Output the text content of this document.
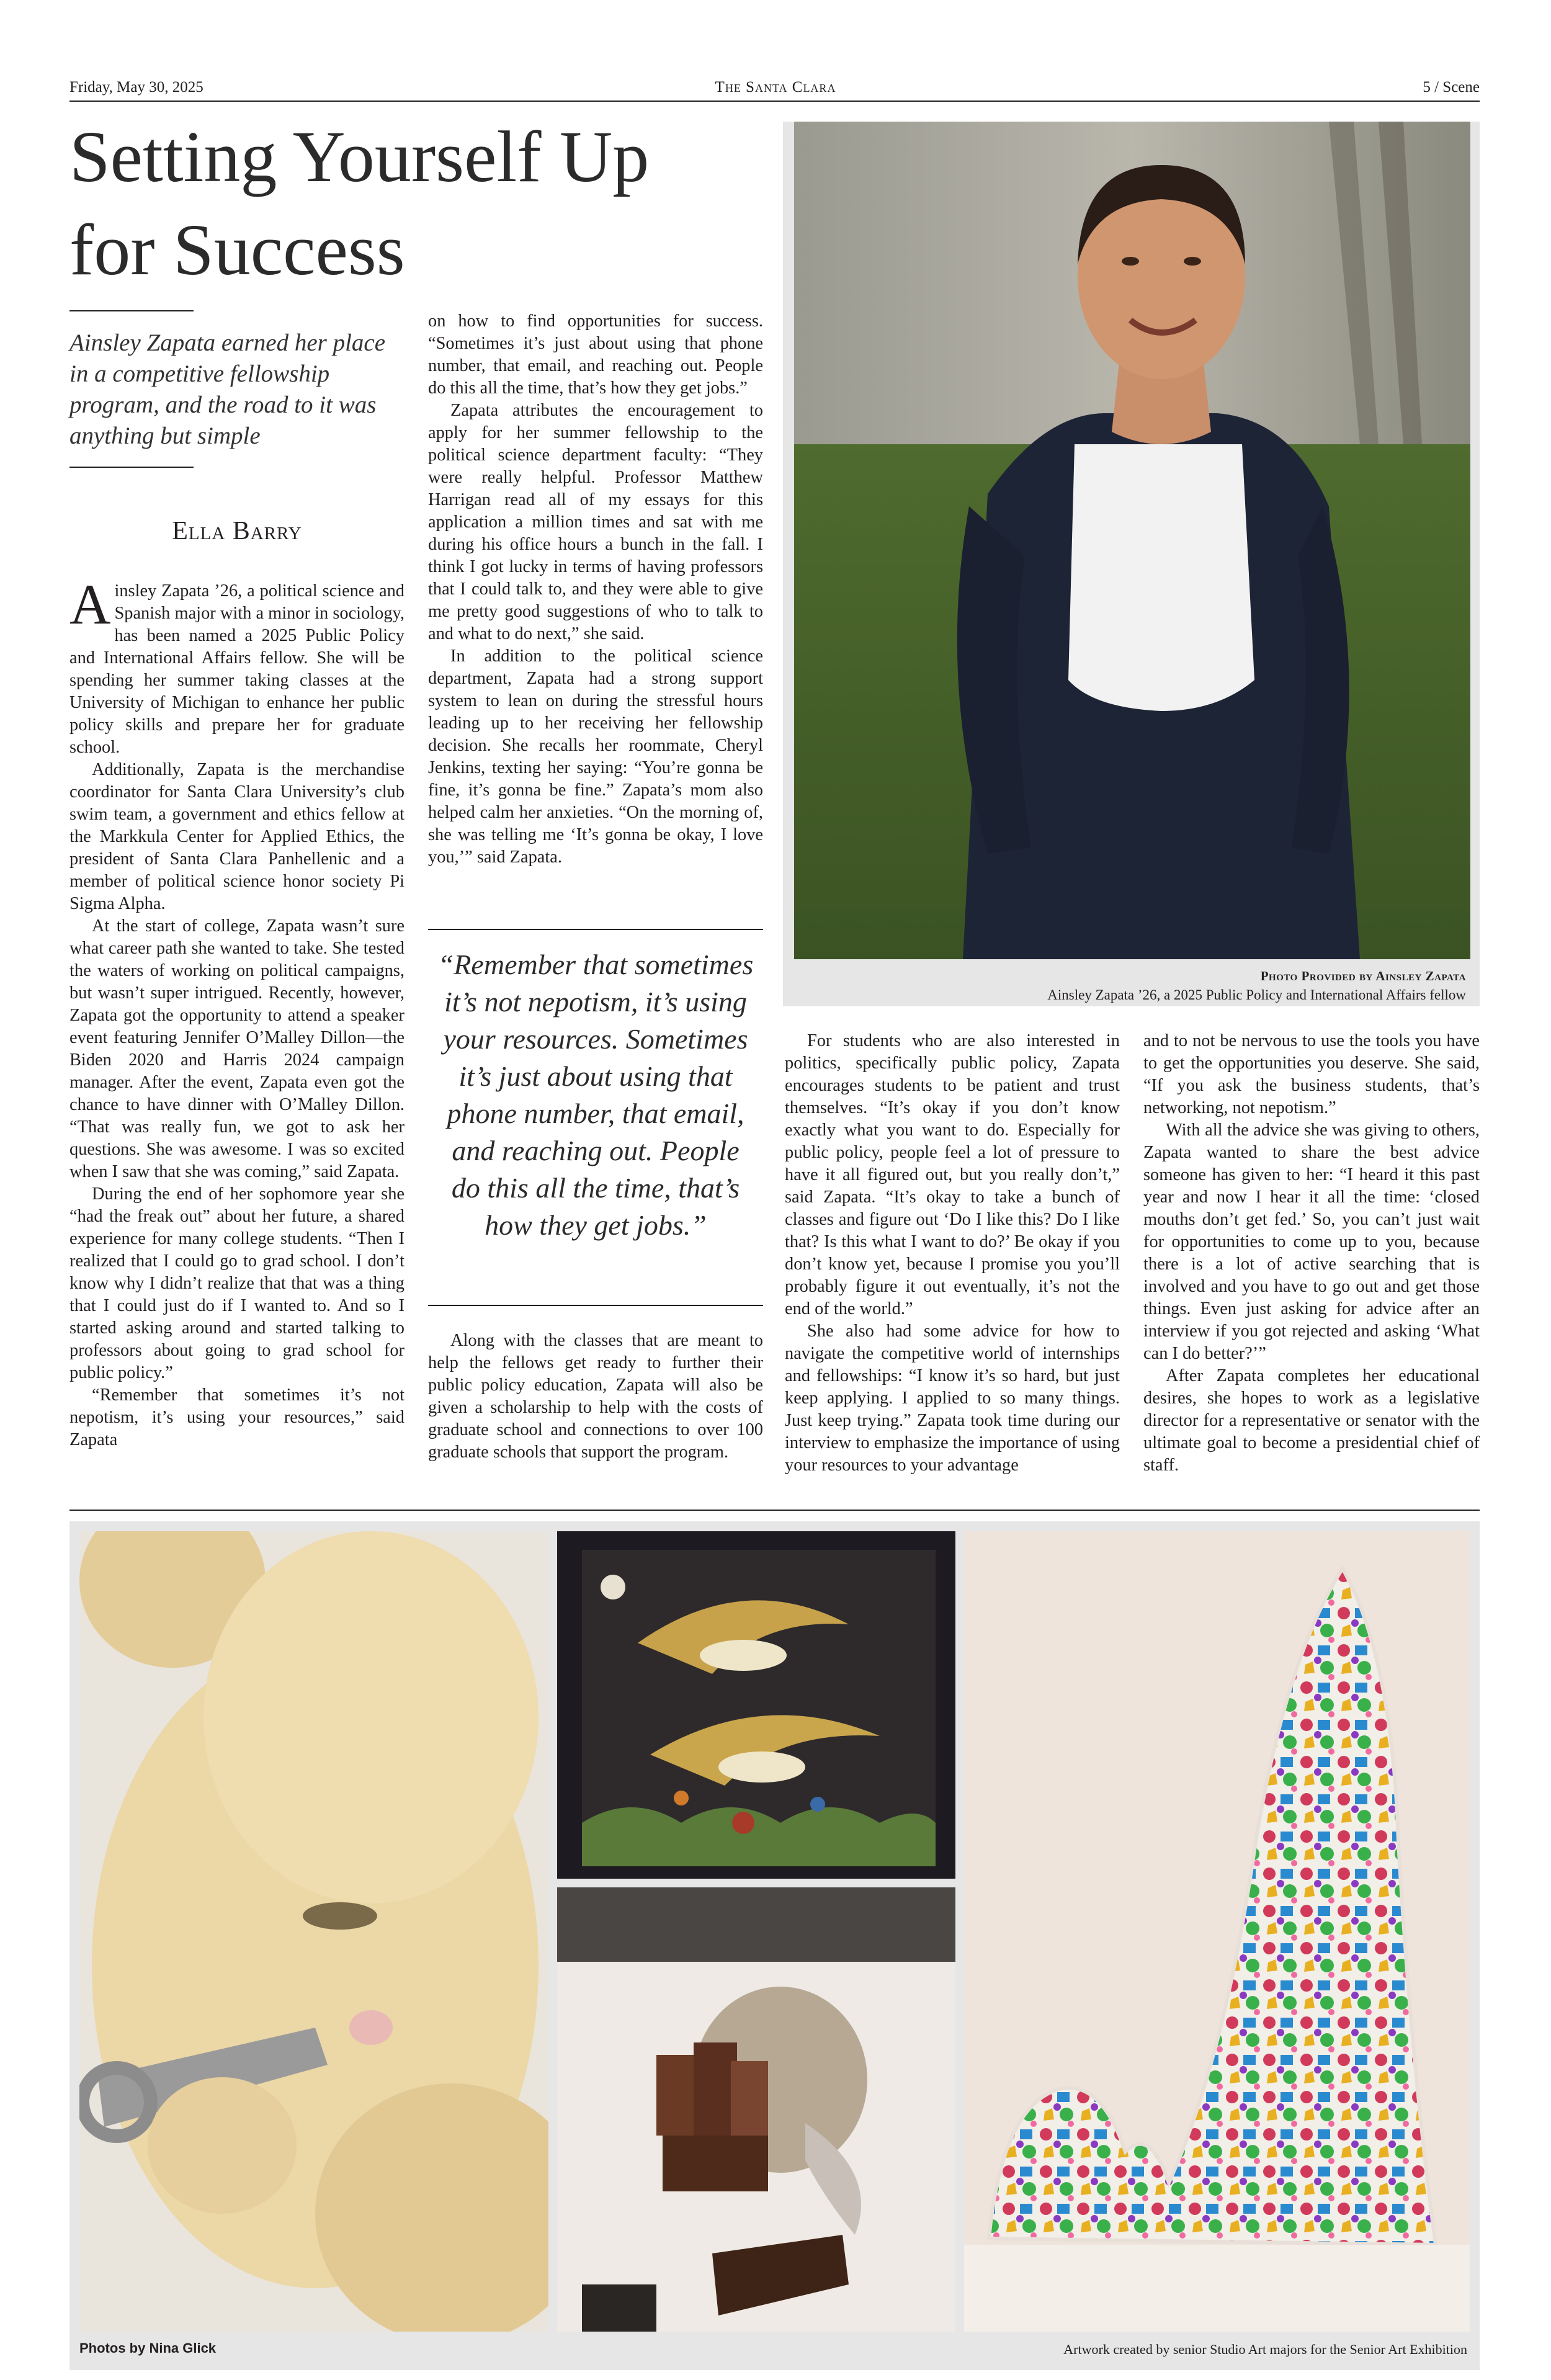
Friday, May 30, 2025	The Santa Clara	5 / Scene
Setting Yourself Up
for Success
Ainsley Zapata earned her place in a competitive fellowship program, and the road to it was anything but simple
Ella Barry

Ainsley Zapata ’26, a political science and Spanish major with a minor in sociology, has been named a 2025 Public Policy and International Affairs fellow. She will be spending her summer taking classes at the University of Michigan to enhance her public policy skills and prepare her for graduate school.

Additionally, Zapata is the merchandise coordinator for Santa Clara University’s club swim team, a government and ethics fellow at the Markkula Center for Applied Ethics, the president of Santa Clara Panhellenic and a member of political science honor society Pi Sigma Alpha.

At the start of college, Zapata wasn’t sure what career path she wanted to take. She tested the waters of working on political campaigns, but wasn’t super intrigued. Recently, however, Zapata got the opportunity to attend a speaker event featuring Jennifer O’Malley Dillon—the Biden 2020 and Harris 2024 campaign manager. After the event, Zapata even got the chance to have dinner with O’Malley Dillon. “That was really fun, we got to ask her questions. She was awesome. I was so excited when I saw that she was coming,” said Zapata.

During the end of her sophomore year she “had the freak out” about her future, a shared experience for many college students. “Then I realized that I could go to grad school. I don’t know why I didn’t realize that that was a thing that I could just do if I wanted to. And so I started asking around and started talking to professors about going to grad school for public policy.”

“Remember that sometimes it’s not nepotism, it’s using your resources,” said Zapata

on how to find opportunities for success. “Sometimes it’s just about using that phone number, that email, and reaching out. People do this all the time, that’s how they get jobs.”

Zapata attributes the encouragement to apply for her summer fellowship to the political science department faculty: “They were really helpful. Professor Matthew Harrigan read all of my essays for this application a million times and sat with me during his office hours a bunch in the fall. I think I got lucky in terms of having professors that I could talk to, and they were able to give me pretty good suggestions of who to talk to and what to do next,” she said.

In addition to the political science department, Zapata had a strong support system to lean on during the stressful hours leading up to her receiving her fellowship decision. She recalls her roommate, Cheryl Jenkins, texting her saying: “You’re gonna be fine, it’s gonna be fine.” Zapata’s mom also helped calm her anxieties. “On the morning of, she was telling me ‘It’s gonna be okay, I love you,’” said Zapata.

“Remember that sometimes it’s not nepotism, it’s using your resources. Sometimes it’s just about using that phone number, that email, and reaching out. People do this all the time, that’s how they get jobs.”

Along with the classes that are meant to help the fellows get ready to further their public policy education, Zapata will also be given a scholarship to help with the costs of graduate school and connections to over 100 graduate schools that support the program.

Photo Provided by Ainsley Zapata
Ainsley Zapata ’26, a 2025 Public Policy and International Affairs fellow

For students who are also interested in politics, specifically public policy, Zapata encourages students to be patient and trust themselves. “It’s okay if you don’t know exactly what you want to do. Especially for public policy, people feel a lot of pressure to have it all figured out, but you really don’t,” said Zapata. “It’s okay to take a bunch of classes and figure out ‘Do I like this? Do I like that? Is this what I want to do?’ Be okay if you don’t know yet, because I promise you you’ll probably figure it out eventually, it’s not the end of the world.”

She also had some advice for how to navigate the competitive world of internships and fellowships: “I know it’s so hard, but just keep applying. I applied to so many things. Just keep trying.” Zapata took time during our interview to emphasize the importance of using your resources to your advantage

and to not be nervous to use the tools you have to get the opportunities you deserve. She said, “If you ask the business students, that’s networking, not nepotism.”

With all the advice she was giving to others, Zapata wanted to share the best advice someone has given to her: “I heard it this past year and now I hear it all the time: ‘closed mouths don’t get fed.’ So, you can’t just wait for opportunities to come up to you, because there is a lot of active searching that is involved and you have to go out and get those things. Even just asking for advice after an interview if you got rejected and asking ‘What can I do better?’”

After Zapata completes her educational desires, she hopes to work as a legislative director for a representative or senator with the ultimate goal to become a presidential chief of staff.

Photos by Nina Glick	Artwork created by senior Studio Art majors for the Senior Art Exhibition
